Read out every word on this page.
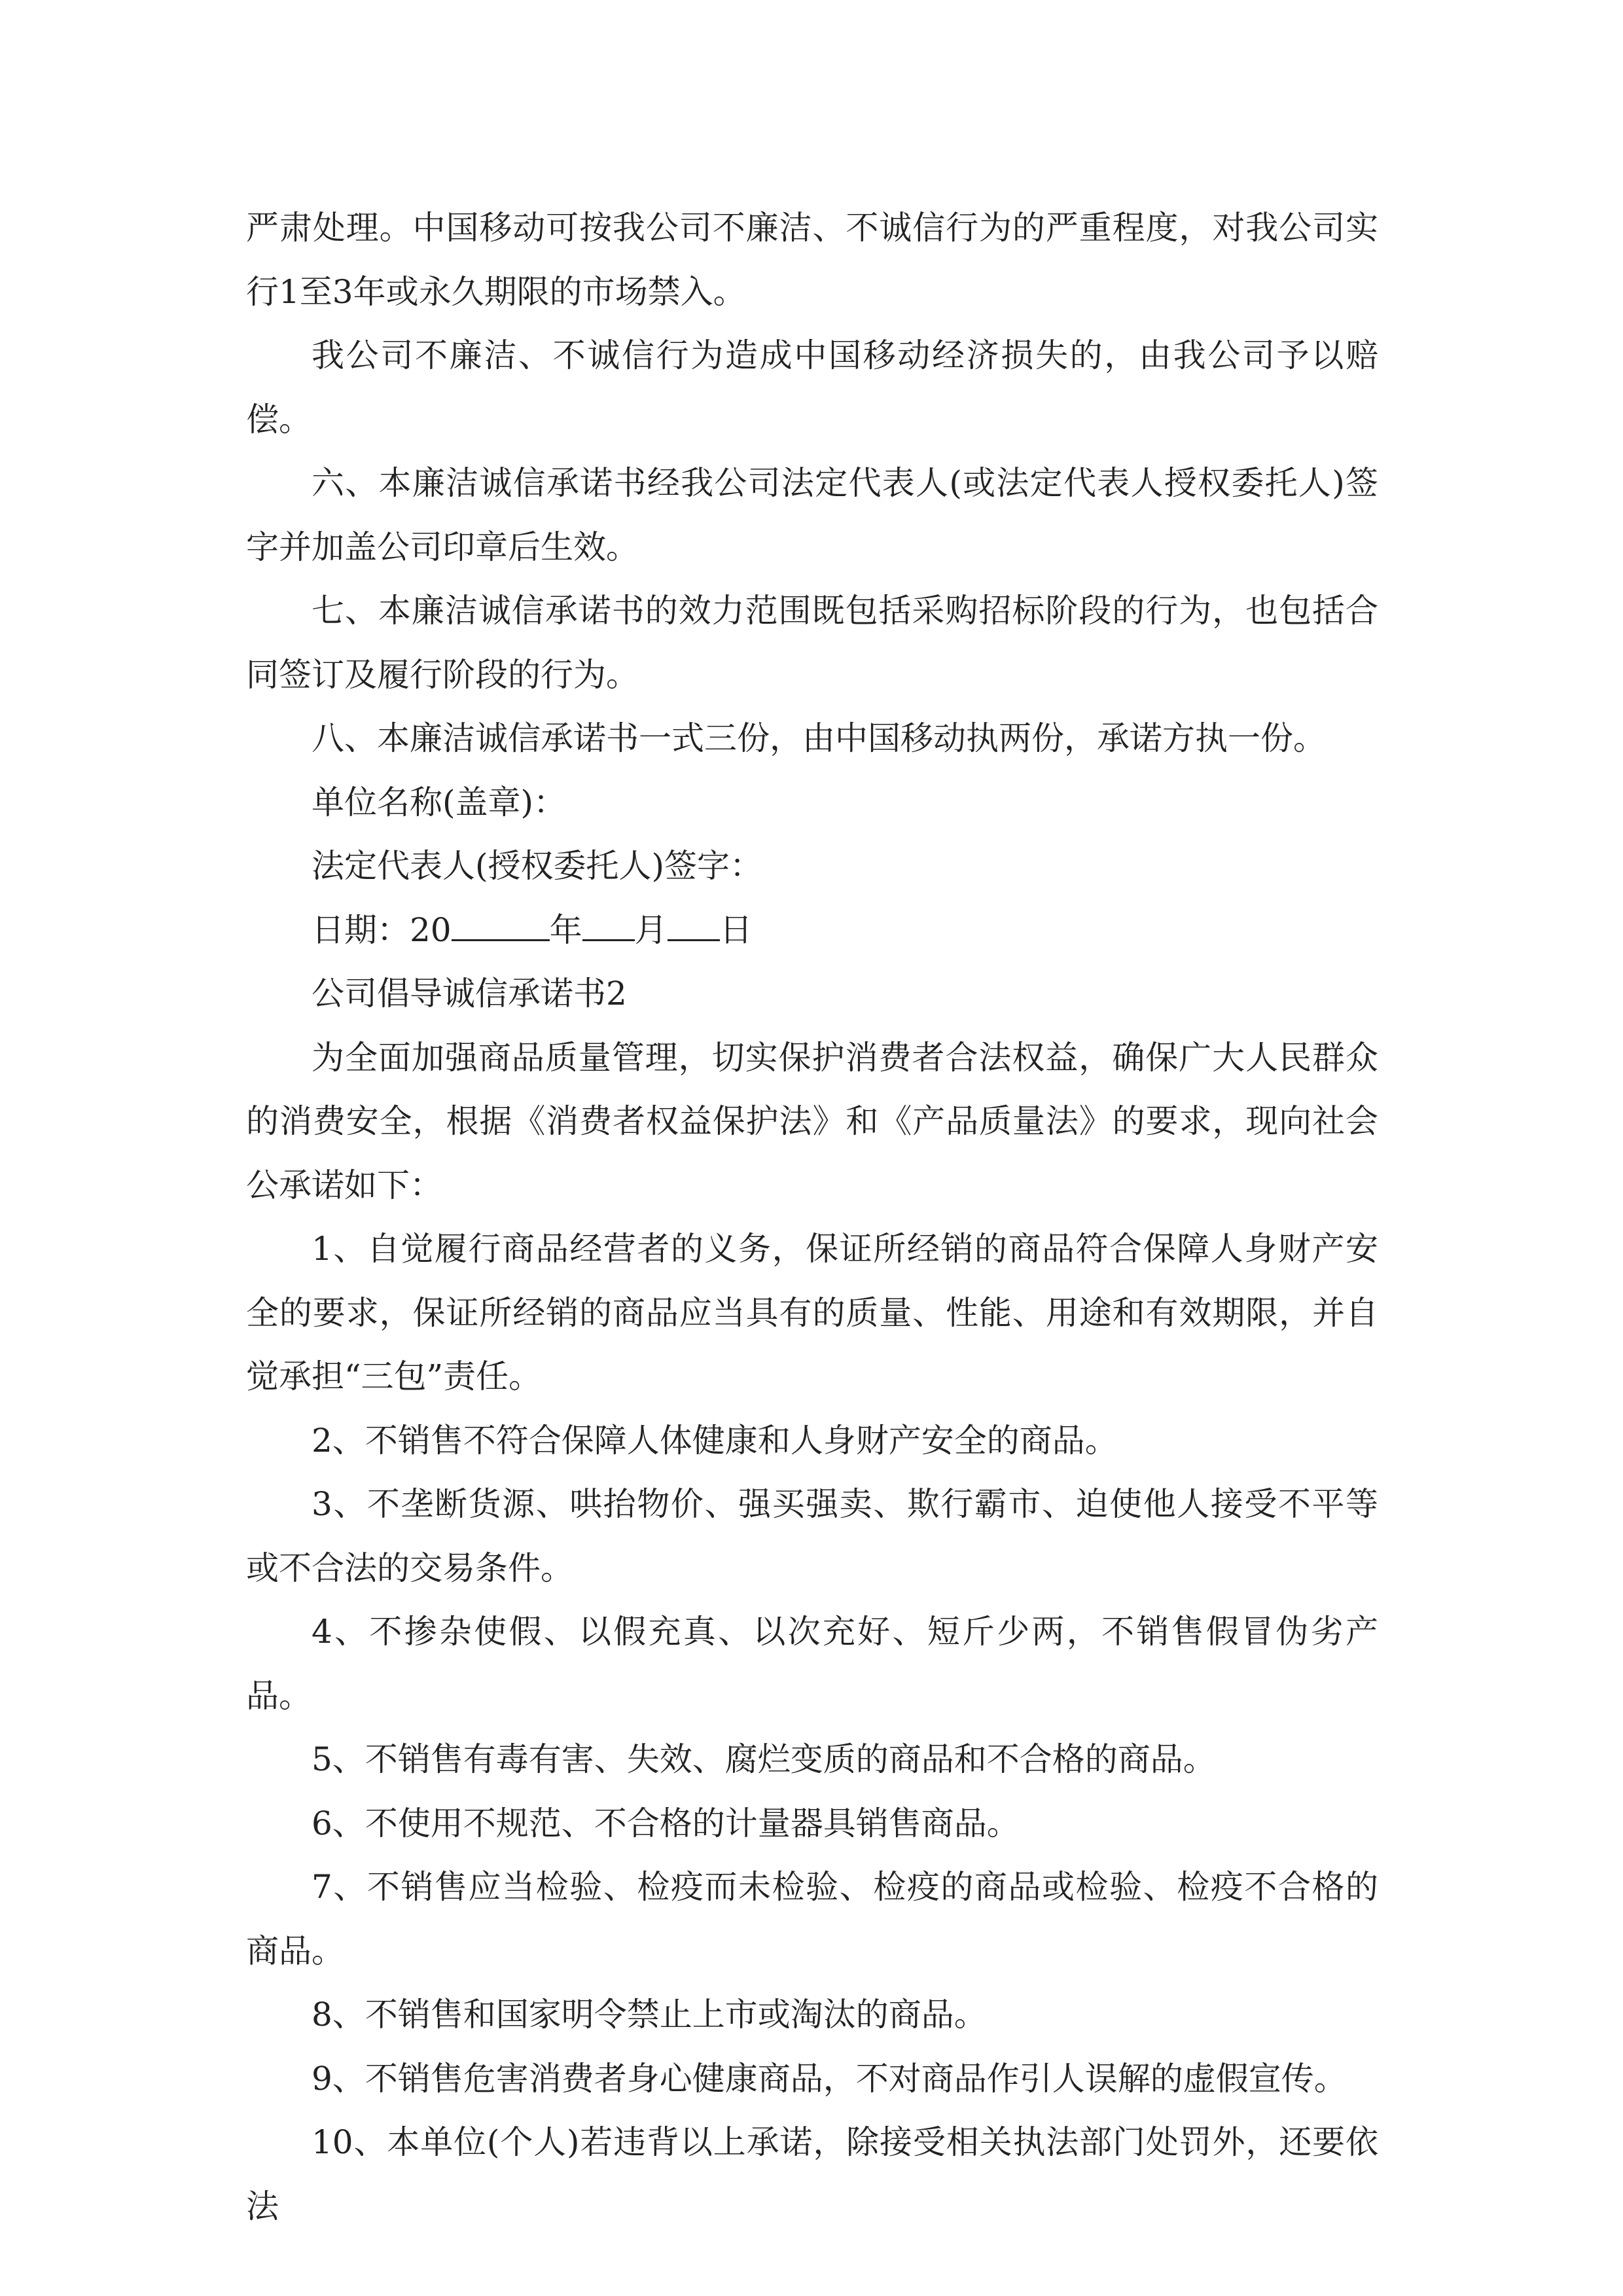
严肃处理。中国移动可按我公司不廉洁、不诚信行为的严重程度，对我公司实行1至3年或永久期限的市场禁入。

我公司不廉洁、不诚信行为造成中国移动经济损失的，由我公司予以赔偿。

六、本廉洁诚信承诺书经我公司法定代表人(或法定代表人授权委托人)签字并加盖公司印章后生效。

七、本廉洁诚信承诺书的效力范围既包括采购招标阶段的行为，也包括合同签订及履行阶段的行为。

八、本廉洁诚信承诺书一式三份，由中国移动执两份，承诺方执一份。

单位名称(盖章)：

法定代表人(授权委托人)签字：

日期：20	年 月 日

公司倡导诚信承诺书2

为全面加强商品质量管理，切实保护消费者合法权益，确保广大人民群众的消费安全，根据《消费者权益保护法》和《产品质量法》的要求，现向社会公承诺如下：

1、自觉履行商品经营者的义务，保证所经销的商品符合保障人身财产安全的要求，保证所经销的商品应当具有的质量、性能、用途和有效期限，并自觉承担“三包”责任。

2、不销售不符合保障人体健康和人身财产安全的商品。

3、不垄断货源、哄抬物价、强买强卖、欺行霸市、迫使他人接受不平等或不合法的交易条件。

4、不掺杂使假、以假充真、以次充好、短斤少两，不销售假冒伪劣产品。

5、不销售有毒有害、失效、腐烂变质的商品和不合格的商品。

6、不使用不规范、不合格的计量器具销售商品。

7、不销售应当检验、检疫而未检验、检疫的商品或检验、检疫不合格的商品。

8、不销售和国家明令禁止上市或淘汰的商品。

9、不销售危害消费者身心健康商品，不对商品作引人误解的虚假宣传。

10、本单位(个人)若违背以上承诺，除接受相关执法部门处罚外，还要依法
